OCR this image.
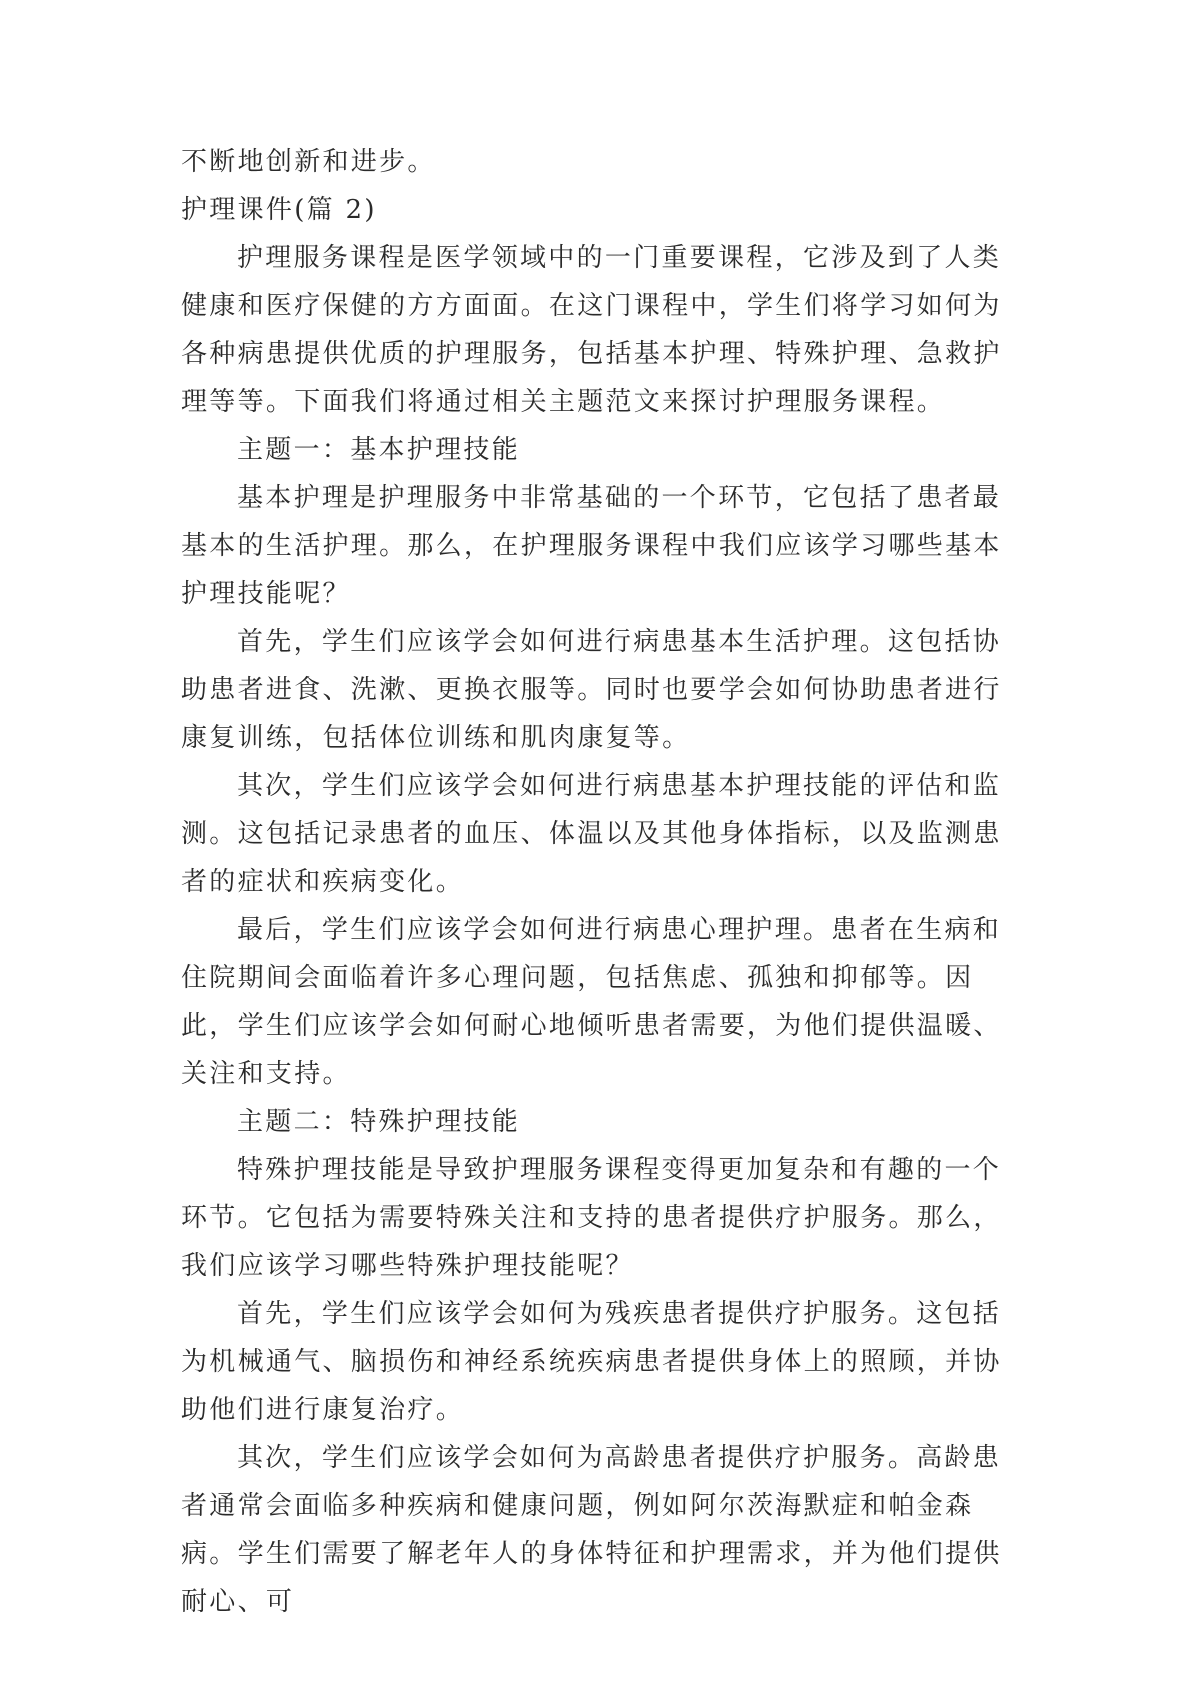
不断地创新和进步。

护理课件(篇 2)

护理服务课程是医学领域中的一门重要课程，它涉及到了人类健康和医疗保健的方方面面。在这门课程中，学生们将学习如何为各种病患提供优质的护理服务，包括基本护理、特殊护理、急救护理等等。下面我们将通过相关主题范文来探讨护理服务课程。

主题一：基本护理技能

基本护理是护理服务中非常基础的一个环节，它包括了患者最基本的生活护理。那么，在护理服务课程中我们应该学习哪些基本护理技能呢？

首先，学生们应该学会如何进行病患基本生活护理。这包括协助患者进食、洗漱、更换衣服等。同时也要学会如何协助患者进行康复训练，包括体位训练和肌肉康复等。

其次，学生们应该学会如何进行病患基本护理技能的评估和监测。这包括记录患者的血压、体温以及其他身体指标，以及监测患者的症状和疾病变化。

最后，学生们应该学会如何进行病患心理护理。患者在生病和住院期间会面临着许多心理问题，包括焦虑、孤独和抑郁等。因此，学生们应该学会如何耐心地倾听患者需要，为他们提供温暖、关注和支持。

主题二：特殊护理技能

特殊护理技能是导致护理服务课程变得更加复杂和有趣的一个环节。它包括为需要特殊关注和支持的患者提供疗护服务。那么，我们应该学习哪些特殊护理技能呢？

首先，学生们应该学会如何为残疾患者提供疗护服务。这包括为机械通气、脑损伤和神经系统疾病患者提供身体上的照顾，并协助他们进行康复治疗。

其次，学生们应该学会如何为高龄患者提供疗护服务。高龄患者通常会面临多种疾病和健康问题，例如阿尔茨海默症和帕金森病。学生们需要了解老年人的身体特征和护理需求，并为他们提供耐心、可
